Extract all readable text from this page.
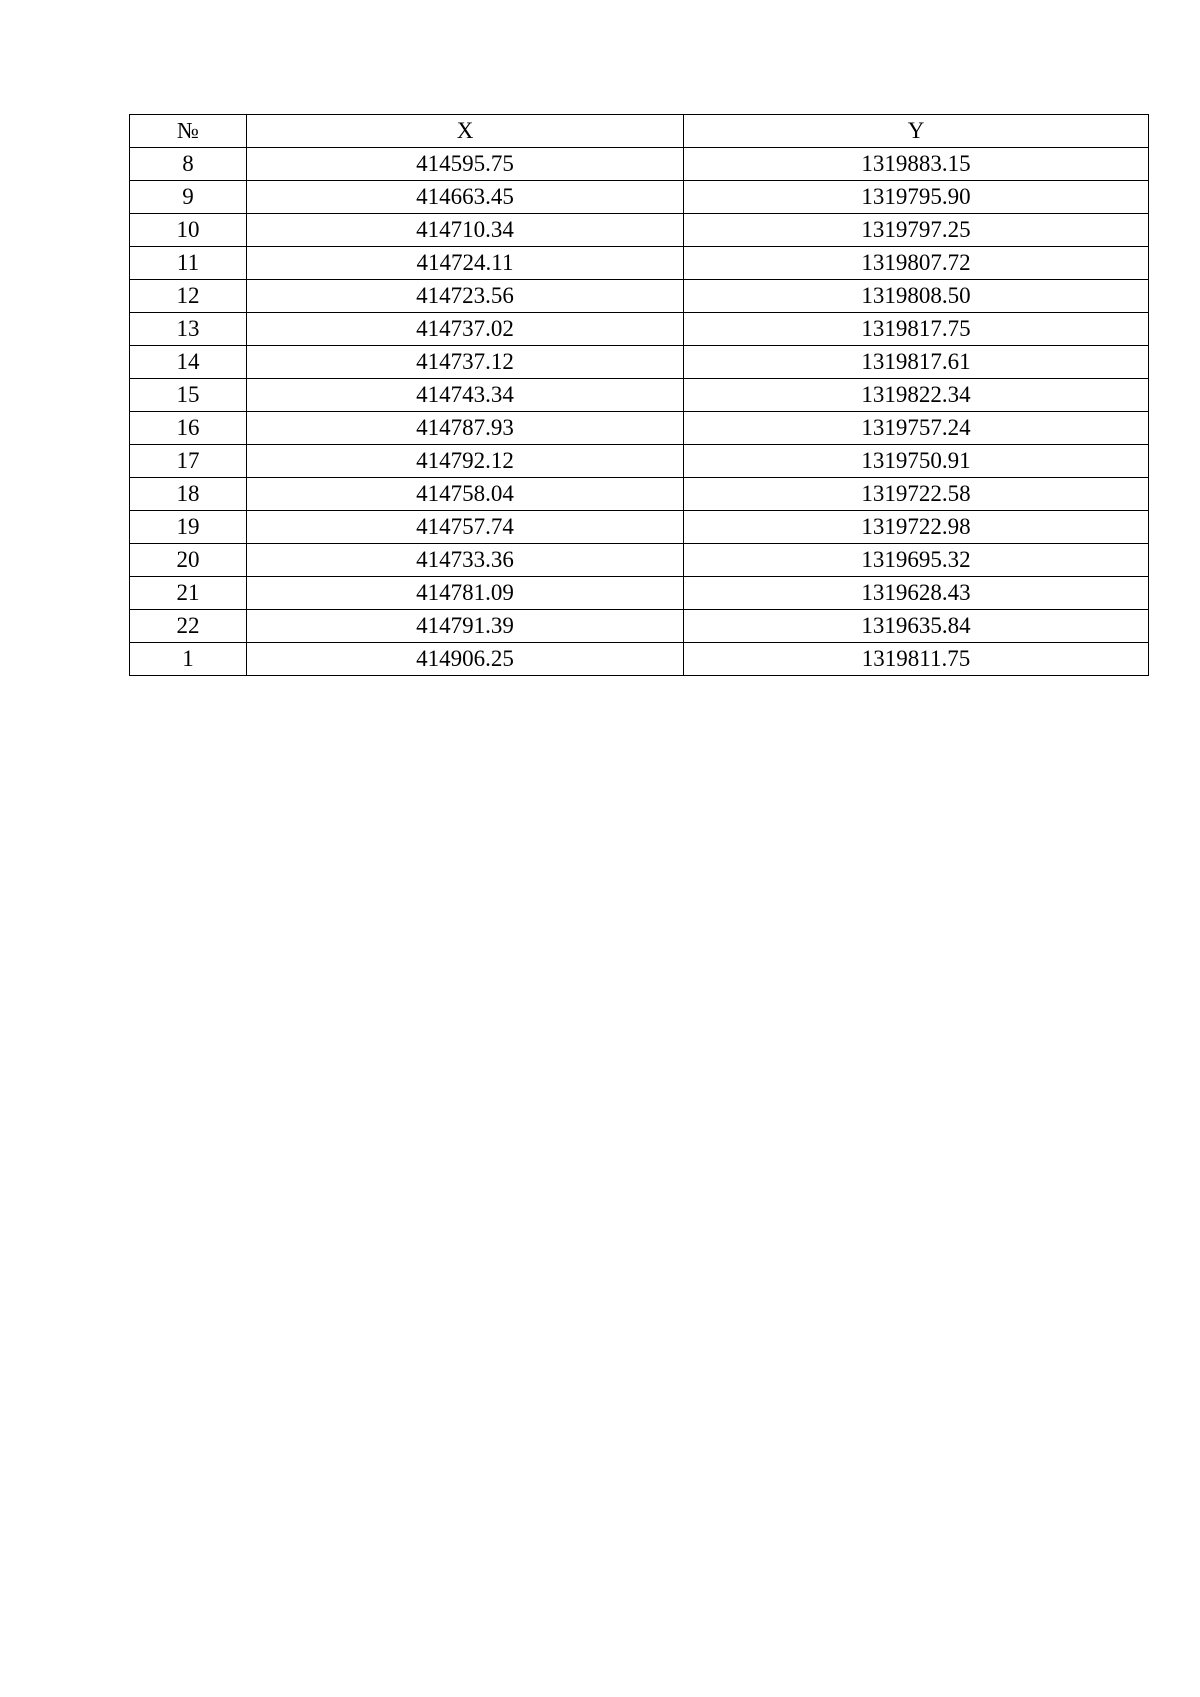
№	X	Y
8	414595.75	1319883.15
9	414663.45	1319795.90
10	414710.34	1319797.25
11	414724.11	1319807.72
12	414723.56	1319808.50
13	414737.02	1319817.75
14	414737.12	1319817.61
15	414743.34	1319822.34
16	414787.93	1319757.24
17	414792.12	1319750.91
18	414758.04	1319722.58
19	414757.74	1319722.98
20	414733.36	1319695.32
21	414781.09	1319628.43
22	414791.39	1319635.84
1	414906.25	1319811.75
